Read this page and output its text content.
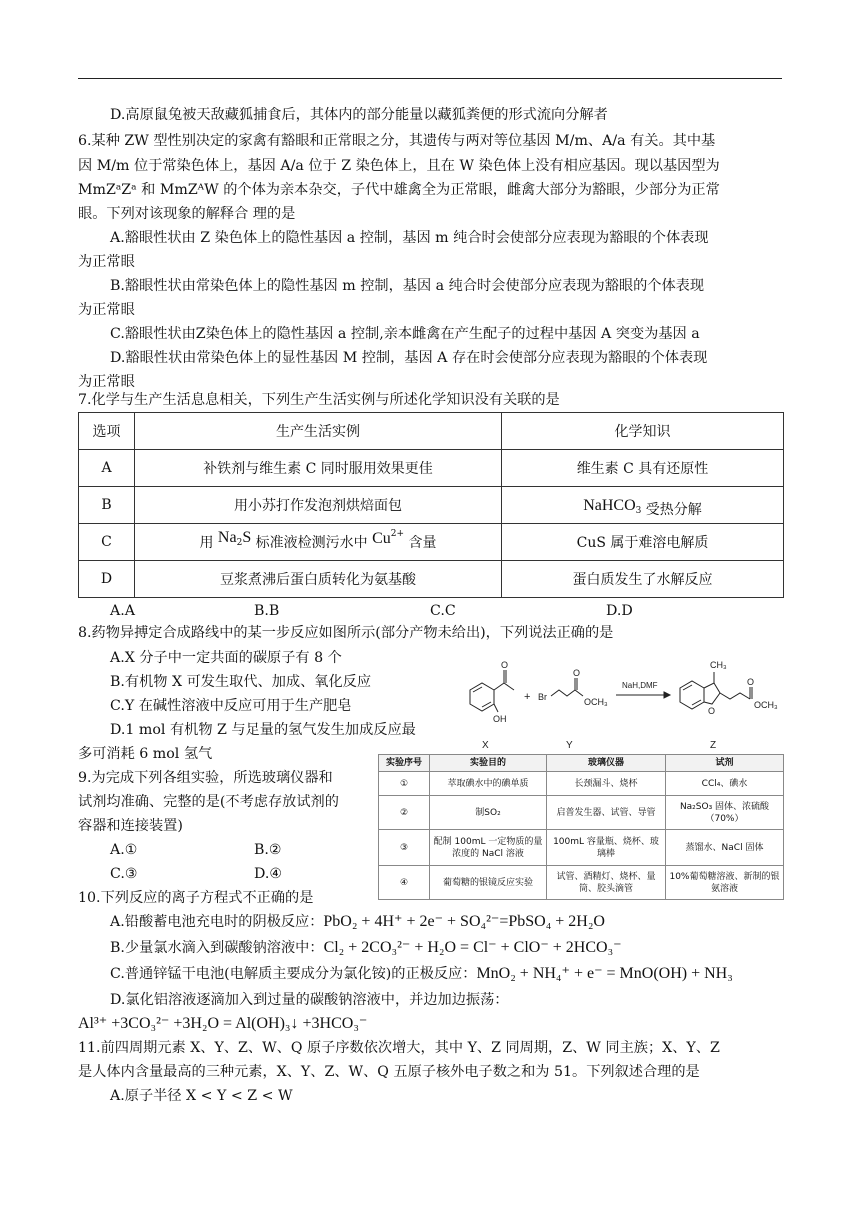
D.高原鼠兔被天敌藏狐捕食后，其体内的部分能量以藏狐粪便的形式流向分解者
6.某种 ZW 型性别决定的家禽有豁眼和正常眼之分，其遗传与两对等位基因 M/m、A/a 有关。其中基
因 M/m 位于常染色体上，基因 A/a 位于 Z 染色体上，且在 W 染色体上没有相应基因。现以基因型为
MmZᵃZᵃ 和 MmZᴬW 的个体为亲本杂交，子代中雄禽全为正常眼，雌禽大部分为豁眼，少部分为正常
眼。下列对该现象的解释合 理的是
A.豁眼性状由 Z 染色体上的隐性基因 a 控制，基因 m 纯合时会使部分应表现为豁眼的个体表现
为正常眼
B.豁眼性状由常染色体上的隐性基因 m 控制，基因 a 纯合时会使部分应表现为豁眼的个体表现
为正常眼
C.豁眼性状由Z染色体上的隐性基因 a 控制,亲本雌禽在产生配子的过程中基因 A 突变为基因 a
D.豁眼性状由常染色体上的显性基因 M 控制，基因 A 存在时会使部分应表现为豁眼的个体表现
为正常眼
7.化学与生产生活息息相关，下列生产生活实例与所述化学知识没有关联的是
选项	生产生活实例	化学知识
A	补铁剂与维生素 C 同时服用效果更佳	维生素 C 具有还原性
B	用小苏打作发泡剂烘焙面包	NaHCO$_3$ 受热分解
C	用 $Na_2S$ 标准液检测污水中 $Cu^{2+}$ 含量	CuS 属于难溶电解质
D	豆浆煮沸后蛋白质转化为氨基酸	蛋白质发生了水解反应
A.A	B.B	C.C	D.D
8.药物异搏定合成路线中的某一步反应如图所示(部分产物未给出)，下列说法正确的是
A.X 分子中一定共面的碳原子有 8 个
B.有机物 X 可发生取代、加成、氧化反应
C.Y 在碱性溶液中反应可用于生产肥皂
D.1 mol 有机物 Z 与足量的氢气发生加成反应最
多可消耗 6 mol 氢气
O
OH
X
+ Br
O
OCH₃
Y
NaH,DMF
CH₃
O
O
OCH₃
Z
9.为完成下列各组实验，所选玻璃仪器和
试剂均准确、完整的是(不考虑存放试剂的
容器和连接装置)
A.①	B.②
C.③	D.④
实验序号	实验目的	玻璃仪器	试剂
①	萃取碘水中的碘单质	长颈漏斗、烧杯	CCl₄、碘水
②	制SO₂	启普发生器、试管、导管	Na₂SO₃ 固体、浓硫酸（70%）
③	配制 100mL 一定物质的量浓度的 NaCl 溶液	100mL 容量瓶、烧杯、玻璃棒	蒸馏水、NaCl 固体
④	葡萄糖的银镜反应实验	试管、酒精灯、烧杯、量筒、胶头滴管	10%葡萄糖溶液、新制的银氨溶液
10.下列反应的离子方程式不正确的是
A.铅酸蓄电池充电时的阴极反应：PbO₂ + 4H⁺ + 2e⁻ + SO₄²⁻=PbSO₄ + 2H₂O
B.少量氯水滴入到碳酸钠溶液中：Cl₂ + 2CO₃²⁻ + H₂O = Cl⁻ + ClO⁻ + 2HCO₃⁻
C.普通锌锰干电池(电解质主要成分为氯化铵)的正极反应：MnO₂ + NH₄⁺ + e⁻ = MnO(OH) + NH₃
D.氯化铝溶液逐滴加入到过量的碳酸钠溶液中，并边加边振荡：
Al³⁺ +3CO₃²⁻ +3H₂O = Al(OH)₃↓ +3HCO₃⁻
11.前四周期元素 X、Y、Z、W、Q 原子序数依次增大，其中 Y、Z 同周期，Z、W 同主族；X、Y、Z
是人体内含量最高的三种元素，X、Y、Z、W、Q 五原子核外电子数之和为 51。下列叙述合理的是
A.原子半径 X < Y < Z < W
